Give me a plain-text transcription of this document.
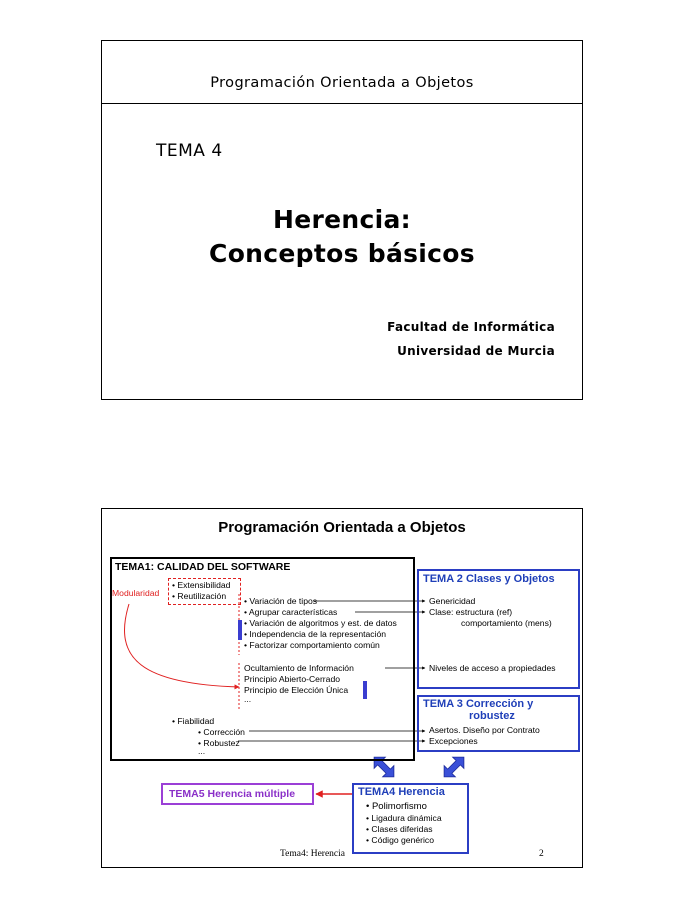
Programación Orientada a Objetos
TEMA 4
Herencia:
Conceptos básicos
Facultad de Informática
Universidad de Murcia
Programación Orientada a Objetos
TEMA1: CALIDAD DEL SOFTWARE
Modularidad
• Extensibilidad
• Reutilización • Variación de tipos
• Agrupar características
• Variación de algoritmos y est. de datos
• Independencia de la representación
• Factorizar comportamiento común
Ocultamiento de Información
Principio Abierto-Cerrado
Principio de Elección Única
...
• Fiabilidad
• Corrección
• Robustez
...
TEMA 2 Clases y Objetos
Genericidad
Clase: estructura (ref)
comportamiento (mens)
Niveles de acceso a propiedades
TEMA 3 Corrección y
robustez
Asertos. Diseño por Contrato
Excepciones
TEMA5 Herencia múltiple	TEMA4 Herencia
• Polimorfismo
• Ligadura dinámica
• Clases diferidas
• Código genérico
Tema4: Herencia	2
